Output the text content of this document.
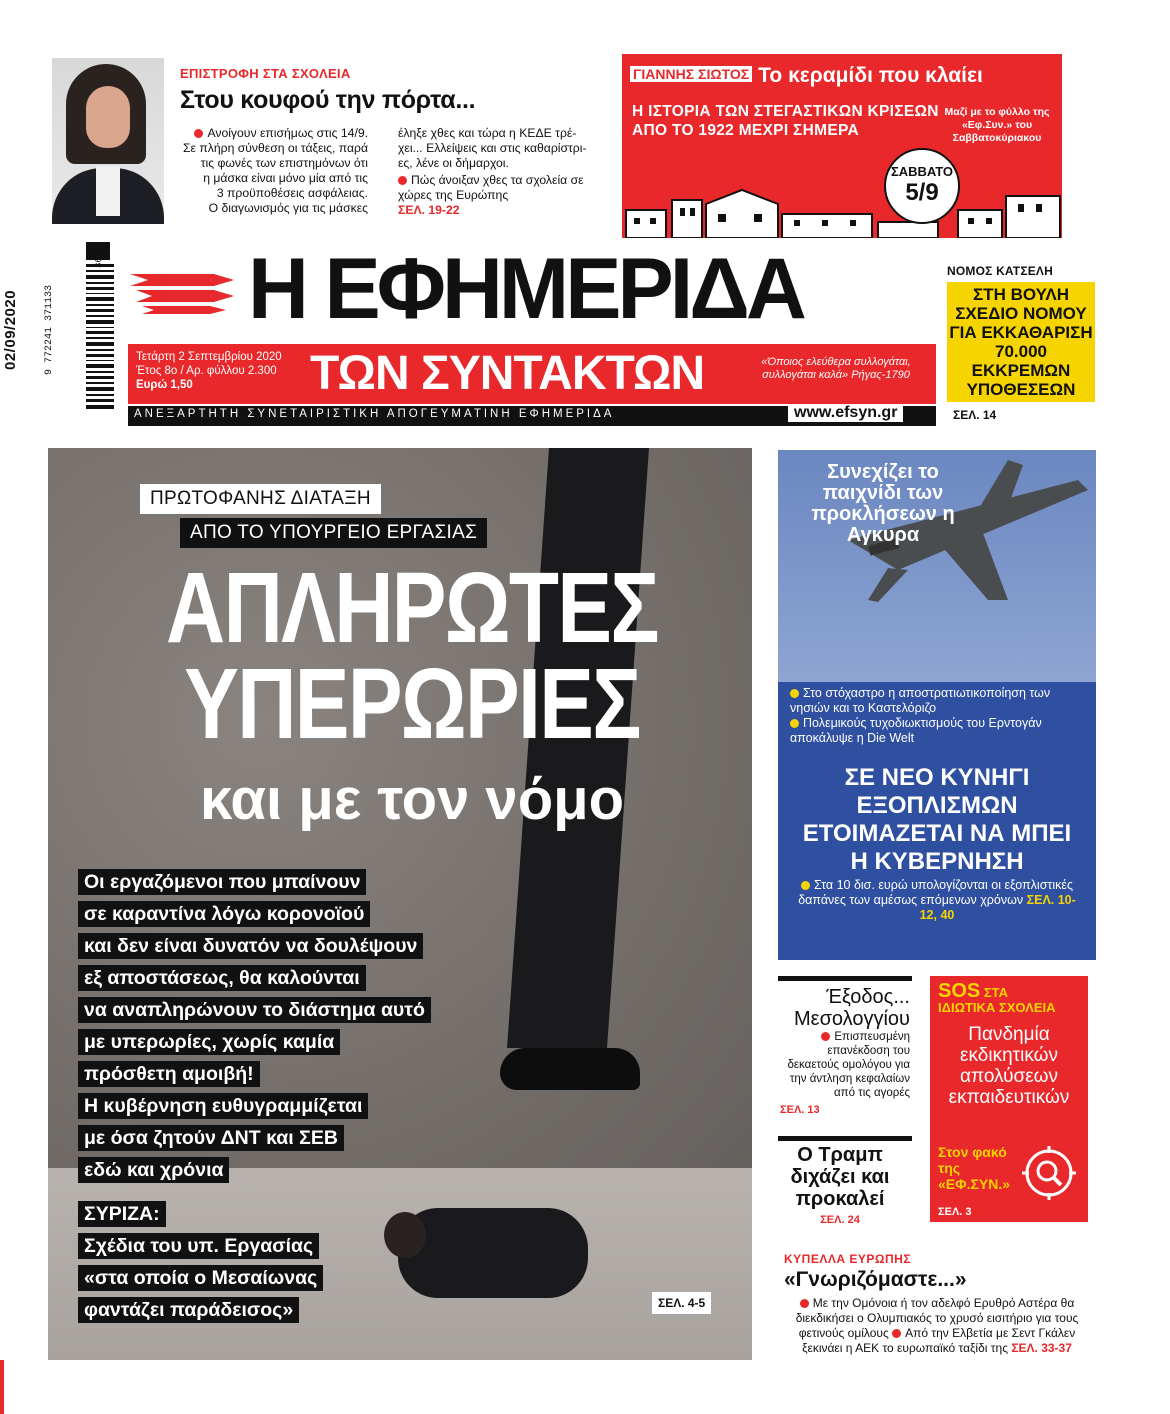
ΕΠΙΣΤΡΟΦΗ ΣΤΑ ΣΧΟΛΕΙΑ
Στου κουφού την πόρτα...
Ανοίγουν επισήμως στις 14/9.
Σε πλήρη σύνθεση οι τάξεις, παρά
τις φωνές των επιστημόνων ότι
η μάσκα είναι μόνο μία από τις
3 προϋποθέσεις ασφάλειας.
Ο διαγωνισμός για τις μάσκες
έληξε χθες και τώρα η ΚΕΔΕ τρέ-
χει... Ελλείψεις και στις καθαρίστρι-
ες, λένε οι δήμαρχοι.
Πώς άνοιξαν χθες τα σχολεία σε χώρες της Ευρώπης
ΣΕΛ. 19-22
ΓΙΑΝΝΗΣ ΣΙΩΤΟΣ Το κεραμίδι που κλαίει
Η ΙΣΤΟΡΙΑ ΤΩΝ ΣΤΕΓΑΣΤΙΚΩΝ ΚΡΙΣΕΩΝ
ΑΠΟ ΤΟ 1922 ΜΕΧΡΙ ΣΗΜΕΡΑ
Μαζί με το φύλλο της «Εφ.Συν.» του Σαββατοκύριακου
ΣΑΒΒΑΤΟ
5/9
02/09/2020	9 772241 371133
36 Η ΕΦΗΜΕΡΙΔΑ
ΤΩΝ ΣΥΝΤΑΚΤΩΝ
Τετάρτη 2 Σεπτεμβρίου 2020
Έτος 8ο / Αρ. φύλλου 2.300
Ευρώ 1,50
«Όποιος ελεύθερα συλλογάται, συλλογάται καλά» Ρήγας-1790
ΑΝΕΞΑΡΤΗΤΗ ΣΥΝΕΤΑΙΡΙΣΤΙΚΗ ΑΠΟΓΕΥΜΑΤΙΝΗ ΕΦΗΜΕΡΙΔΑ	www.efsyn.gr
ΝΟΜΟΣ ΚΑΤΣΕΛΗ
ΣΤΗ ΒΟΥΛΗ ΣΧΕΔΙΟ ΝΟΜΟΥ ΓΙΑ ΕΚΚΑΘΑΡΙΣΗ 70.000 ΕΚΚΡΕΜΩΝ ΥΠΟΘΕΣΕΩΝ
ΣΕΛ. 14
ΠΡΩΤΟΦΑΝΗΣ ΔΙΑΤΑΞΗ
ΑΠΟ ΤΟ ΥΠΟΥΡΓΕΙΟ ΕΡΓΑΣΙΑΣ
ΑΠΛΗΡΩΤΕΣ
ΥΠΕΡΩΡΙΕΣ
και με τον νόμο
Οι εργαζόμενοι που μπαίνουν
σε καραντίνα λόγω κορονοϊού
και δεν είναι δυνατόν να δουλέψουν
εξ αποστάσεως, θα καλούνται
να αναπληρώνουν το διάστημα αυτό
με υπερωρίες, χωρίς καμία
πρόσθετη αμοιβή!
Η κυβέρνηση ευθυγραμμίζεται
με όσα ζητούν ΔΝΤ και ΣΕΒ
εδώ και χρόνια
ΣΥΡΙΖΑ:
Σχέδια του υπ. Εργασίας
«στα οποία ο Μεσαίωνας
φαντάζει παράδεισος»	ΣΕΛ. 4-5
Συνεχίζει το παιχνίδι των προκλήσεων η Αγκυρα
Στο στόχαστρο η αποστρατιωτικοποίηση των νησιών και το Καστελόριζο
Πολεμικούς τυχοδιωκτισμούς του Ερντογάν αποκάλυψε η Die Welt
ΣΕ ΝΕΟ ΚΥΝΗΓΙ ΕΞΟΠΛΙΣΜΩΝ ΕΤΟΙΜΑΖΕΤΑΙ ΝΑ ΜΠΕΙ Η ΚΥΒΕΡΝΗΣΗ
Στα 10 δισ. ευρώ υπολογίζονται οι εξοπλιστικές δαπάνες των αμέσως επόμενων χρόνων ΣΕΛ. 10-12, 40
Έξοδος...
Μεσολογγίου
Επισπευσμένη επανέκδοση του δεκαετούς ομολόγου για την άντληση κεφαλαίων από τις αγορές
ΣΕΛ. 13
Ο Τραμπ διχάζει και προκαλεί
ΣΕΛ. 24
SOS ΣΤΑ
ΙΔΙΩΤΙΚΑ ΣΧΟΛΕΙΑ
Πανδημία εκδικητικών απολύσεων εκπαιδευτικών
Στον φακό της «ΕΦ.ΣΥΝ.»
ΣΕΛ. 3
ΚΥΠΕΛΛΑ ΕΥΡΩΠΗΣ
«Γνωριζόμαστε...»
Με την Ομόνοια ή τον αδελφό Ερυθρό Αστέρα θα διεκδικήσει ο Ολυμπιακός το χρυσό εισιτήριο για τους φετινούς ομίλους Από την Ελβετία με Σεντ Γκάλεν ξεκινάει η ΑΕΚ το ευρωπαϊκό ταξίδι της ΣΕΛ. 33-37
